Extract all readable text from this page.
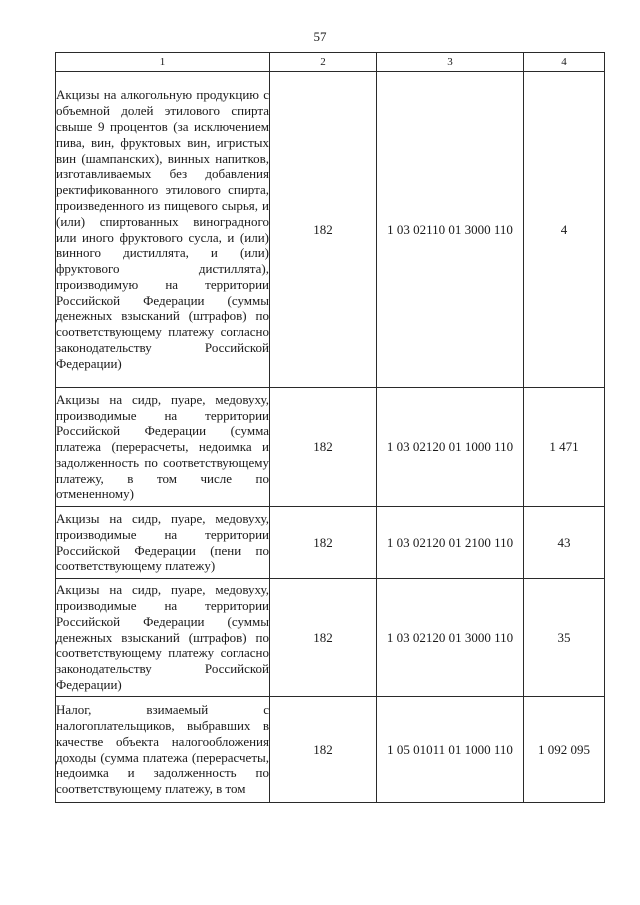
57
1	2	3	4
Акцизы на алкогольную продукцию с объемной долей этилового спирта свыше 9 процентов (за исключением пива, вин, фруктовых вин, игристых вин (шампанских), винных напитков, изготавливаемых без добавления ректификованного этилового спирта, произведенного из пищевого сырья, и (или) спиртованных виноградного или иного фруктового сусла, и (или) винного дистиллята, и (или) фруктового дистиллята), производимую на территории Российской Федерации (суммы денежных взысканий (штрафов) по соответствующему платежу согласно законодательству Российской Федерации)	182	1 03 02110 01 3000 110	4
Акцизы на сидр, пуаре, медовуху, производимые на территории Российской Федерации (сумма платежа (перерасчеты, недоимка и задолженность по соответствующему платежу, в том числе по отмененному)	182	1 03 02120 01 1000 110	1 471
Акцизы на сидр, пуаре, медовуху, производимые на территории Российской Федерации (пени по соответствующему платежу)	182	1 03 02120 01 2100 110	43
Акцизы на сидр, пуаре, медовуху, производимые на территории Российской Федерации (суммы денежных взысканий (штрафов) по соответствующему платежу согласно законодательству Российской Федерации)	182	1 03 02120 01 3000 110	35
Налог, взимаемый с налогоплательщиков, выбравших в качестве объекта налогообложения доходы (сумма платежа (перерасчеты, недоимка и задолженность по соответствующему платежу, в том	182	1 05 01011 01 1000 110	1 092 095
